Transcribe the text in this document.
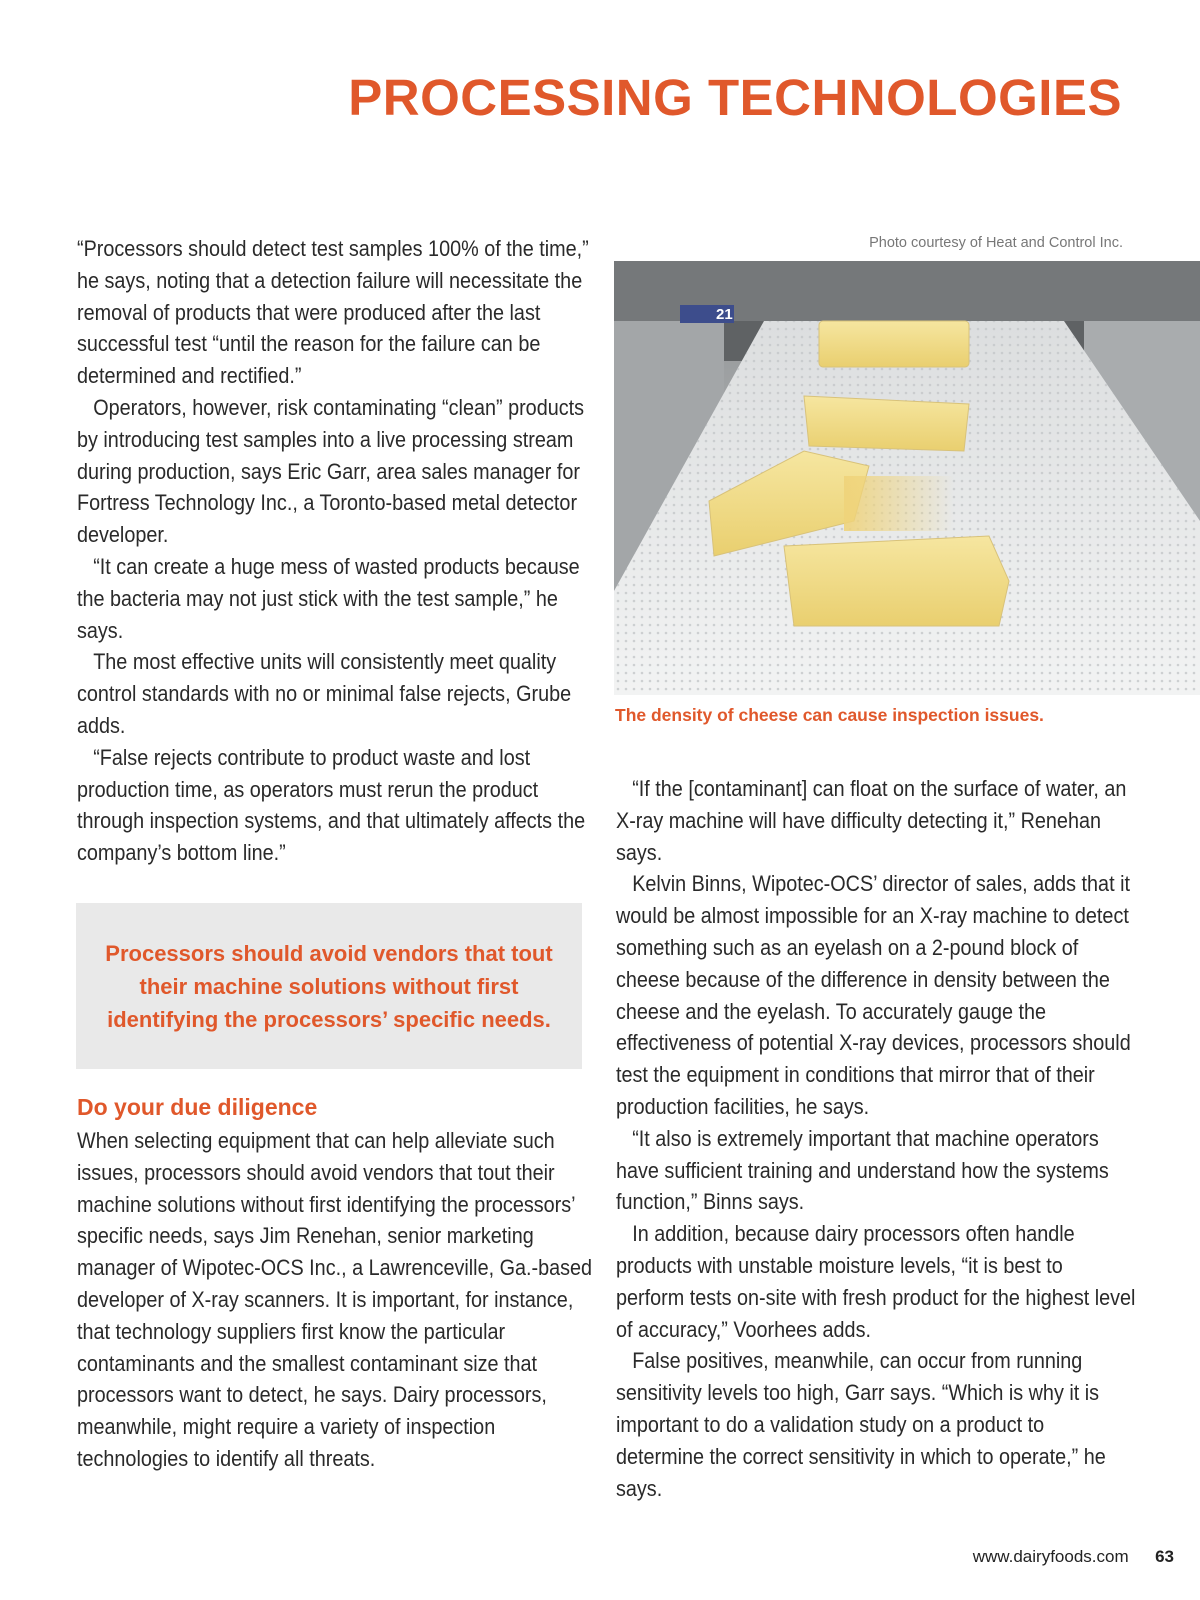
PROCESSING TECHNOLOGIES

“Processors should detect test samples 100% of the time,” he says, noting that a detection failure will necessitate the removal of products that were produced after the last successful test “until the reason for the failure can be determined and rectified.”

Operators, however, risk contaminating “clean” products by introducing test samples into a live processing stream during production, says Eric Garr, area sales manager for Fortress Technology Inc., a Toronto-based metal detector developer.

“It can create a huge mess of wasted products because the bacteria may not just stick with the test sample,” he says.

The most effective units will consistently meet quality control standards with no or minimal false rejects, Grube adds.

“False rejects contribute to product waste and lost production time, as operators must rerun the product through inspection systems, and that ultimately affects the company’s bottom line.”

Processors should avoid vendors that tout their machine solutions without first identifying the processors’ specific needs.

Do your due diligence

When selecting equipment that can help alleviate such issues, processors should avoid vendors that tout their machine solutions without first identifying the processors’ specific needs, says Jim Renehan, senior marketing manager of Wipotec-OCS Inc., a Lawrenceville, Ga.-based developer of X-ray scanners. It is important, for instance, that technology suppliers first know the particular contaminants and the smallest contaminant size that processors want to detect, he says. Dairy processors, meanwhile, might require a variety of inspection technologies to identify all threats.

Photo courtesy of Heat and Control Inc.

21

The density of cheese can cause inspection issues.

“If the [contaminant] can float on the surface of water, an X-ray machine will have difficulty detecting it,” Renehan says.

Kelvin Binns, Wipotec-OCS’ director of sales, adds that it would be almost impossible for an X-ray machine to detect something such as an eyelash on a 2-pound block of cheese because of the difference in density between the cheese and the eyelash. To accurately gauge the effectiveness of potential X-ray devices, processors should test the equipment in conditions that mirror that of their production facilities, he says.

“It also is extremely important that machine operators have sufficient training and understand how the systems function,” Binns says.

In addition, because dairy processors often handle products with unstable moisture levels, “it is best to perform tests on-site with fresh product for the highest level of accuracy,” Voorhees adds.

False positives, meanwhile, can occur from running sensitivity levels too high, Garr says. “Which is why it is important to do a validation study on a product to determine the correct sensitivity in which to operate,” he says.

www.dairyfoods.com 63
